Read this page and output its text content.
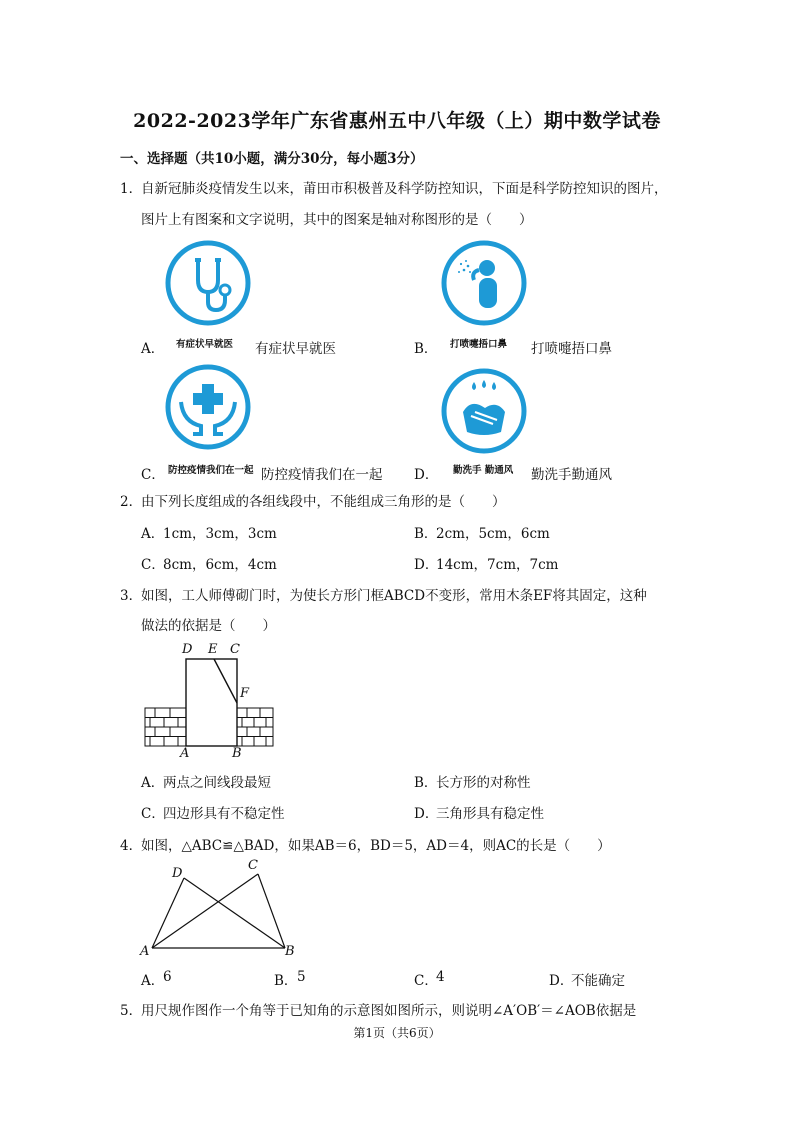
2022-2023学年广东省惠州五中八年级（上）期中数学试卷
一、选择题（共10小题，满分30分，每小题3分）
1．
自新冠肺炎疫情发生以来，莆田市积极普及科学防控知识，下面是科学防控知识的图片，
图片上有图案和文字说明，其中的图案是轴对称图形的是（　　）
有症状早就医
A．	有症状早就医	打喷嚏捂口鼻
B．	打喷嚏捂口鼻
防控疫情我们在一起
C．	防控疫情我们在一起	勤洗手 勤通风
D．	勤洗手勤通风
2．
由下列长度组成的各组线段中，不能组成三角形的是（　　）
A．
1cm，3cm，3cm	B．
2cm，5cm，6cm
C．
8cm，6cm，4cm	D．
14cm，7cm，7cm
3．
如图，工人师傅砌门时，为使长方形门框ABCD不变形，常用木条EF将其固定，这种
做法的依据是（　　）
D E C
F
A	B
A．
两点之间线段最短	B．
长方形的对称性
C．
四边形具有不稳定性	D．
三角形具有稳定性
4．
如图，△ABC≌△BAD，如果AB＝6，BD＝5，AD＝4，则AC的长是（　　）
D
C
A	B
A．
6	B． 5	C．
4	D．
不能确定
5．
用尺规作图作一个角等于已知角的示意图如图所示，则说明∠A′OB′＝∠AOB依据是
第1页（共6页）
